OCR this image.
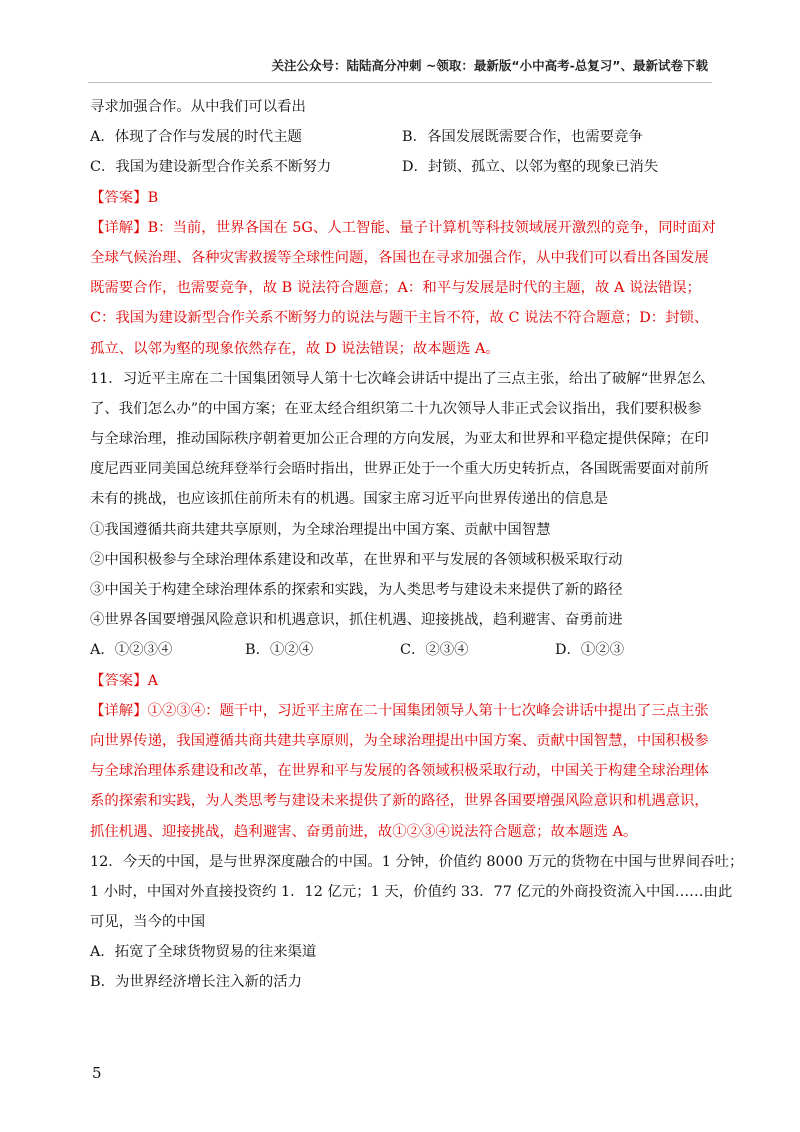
关注公众号：陆陆高分冲刺 ~领取：最新版“小中高考-总复习”、最新试卷下载
寻求加强合作。从中我们可以看出
A．体现了合作与发展的时代主题	B．各国发展既需要合作，也需要竞争
C．我国为建设新型合作关系不断努力	D．封锁、孤立、以邻为壑的现象已消失
【答案】B
【详解】B：当前，世界各国在 5G、人工智能、量子计算机等科技领域展开激烈的竞争，同时面对
全球气候治理、各种灾害救援等全球性问题，各国也在寻求加强合作，从中我们可以看出各国发展
既需要合作，也需要竞争，故 B 说法符合题意；A：和平与发展是时代的主题，故 A 说法错误；
C：我国为建设新型合作关系不断努力的说法与题干主旨不符，故 C 说法不符合题意；D：封锁、
孤立、以邻为壑的现象依然存在，故 D 说法错误；故本题选 A。
11．习近平主席在二十国集团领导人第十七次峰会讲话中提出了三点主张，给出了破解“世界怎么
了、我们怎么办”的中国方案；在亚太经合组织第二十九次领导人非正式会议指出，我们要积极参
与全球治理，推动国际秩序朝着更加公正合理的方向发展，为亚太和世界和平稳定提供保障；在印
度尼西亚同美国总统拜登举行会晤时指出，世界正处于一个重大历史转折点，各国既需要面对前所
未有的挑战，也应该抓住前所未有的机遇。国家主席习近平向世界传递出的信息是
①我国遵循共商共建共享原则，为全球治理提出中国方案、贡献中国智慧
②中国积极参与全球治理体系建设和改革，在世界和平与发展的各领域积极采取行动
③中国关于构建全球治理体系的探索和实践，为人类思考与建设未来提供了新的路径
④世界各国要增强风险意识和机遇意识，抓住机遇、迎接挑战，趋利避害、奋勇前进
A．①②③④	B．①②④	C．②③④	D．①②③
【答案】A
【详解】①②③④：题干中，习近平主席在二十国集团领导人第十七次峰会讲话中提出了三点主张
向世界传递，我国遵循共商共建共享原则，为全球治理提出中国方案、贡献中国智慧，中国积极参
与全球治理体系建设和改革，在世界和平与发展的各领域积极采取行动，中国关于构建全球治理体
系的探索和实践，为人类思考与建设未来提供了新的路径，世界各国要增强风险意识和机遇意识，
抓住机遇、迎接挑战，趋利避害、奋勇前进，故①②③④说法符合题意；故本题选 A。
12．今天的中国，是与世界深度融合的中国。1 分钟，价值约 8000 万元的货物在中国与世界间吞吐；
1 小时，中国对外直接投资约 1．12 亿元；1 天，价值约 33．77 亿元的外商投资流入中国……由此
可见，当今的中国
A．拓宽了全球货物贸易的往来渠道
B．为世界经济增长注入新的活力
5
